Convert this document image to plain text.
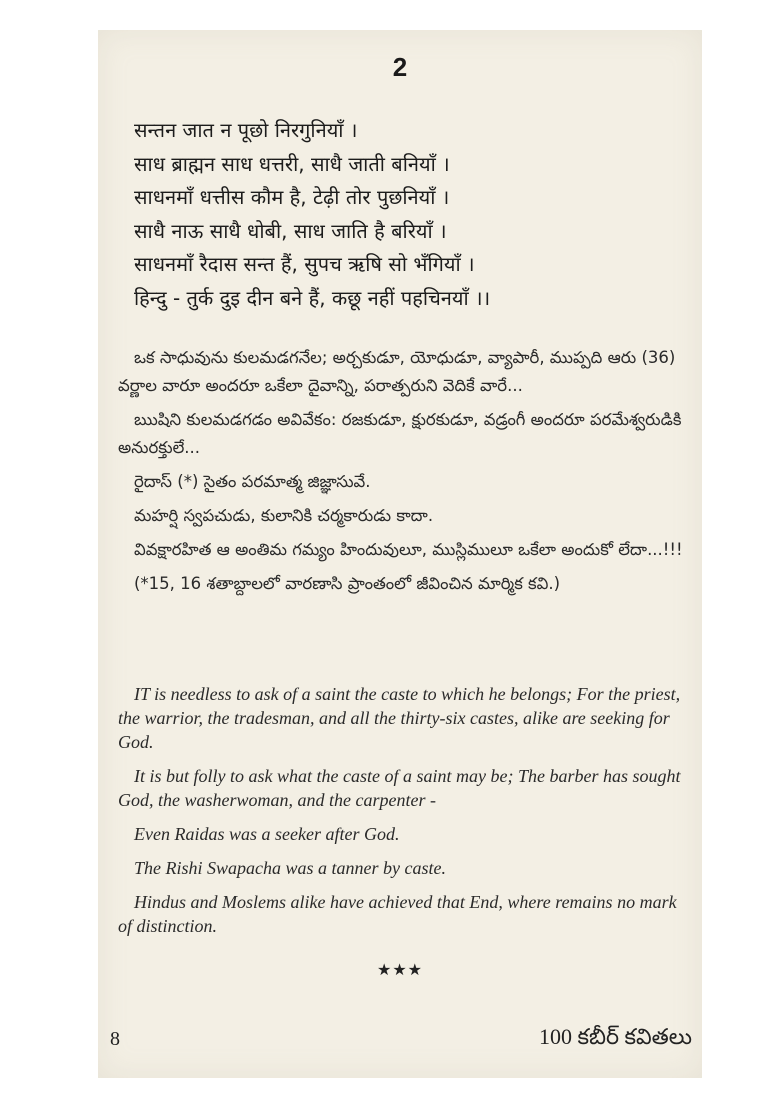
2
सन्तन जात न पूछो निरगुनियाँ ।
साध ब्राह्मन साध धत्तरी, साधै जाती बनियाँ ।
साधनमाँ धत्तीस कौम है, टेढ़ी तोर पुछनियाँ ।
साधै नाऊ साधै धोबी, साध जाति है बरियाँ ।
साधनमाँ रैदास सन्त हैं, सुपच ऋषि सो भँगियाँ ।
हिन्दु - तुर्क दुइ दीन बने हैं, कछू नहीं पहचिनयाँ ।।

ఒక సాధువును కులమడగనేల; అర్చకుడూ, యోధుడూ, వ్యాపారీ, ముప్పది ఆరు (36) వర్ణాల వారూ అందరూ ఒకేలా దైవాన్ని, పరాత్పరుని వెదికే వారే...

ఋషిని కులమడగడం అవివేకం: రజకుడూ, క్షురకుడూ, వడ్రంగీ అందరూ పరమేశ్వరుడికి అనురక్తులే...

రైదాస్ (*) సైతం పరమాత్మ జిజ్ఞాసువే.

మహర్షి స్వపచుడు, కులానికి చర్మకారుడు కాదా.

వివక్షారహిత ఆ అంతిమ గమ్యం హిందువులూ, ముస్లిములూ ఒకేలా అందుకో లేదా...!!!

(*15, 16 శతాబ్దాలలో వారణాసి ప్రాంతంలో జీవించిన మార్మిక కవి.)

IT is needless to ask of a saint the caste to which he belongs; For the priest, the warrior, the tradesman, and all the thirty-six castes, alike are seeking for God.

It is but folly to ask what the caste of a saint may be; The barber has sought God, the washerwoman, and the carpenter -

Even Raidas was a seeker after God.

The Rishi Swapacha was a tanner by caste.

Hindus and Moslems alike have achieved that End, where remains no mark of distinction.

★★★
8	100 కబీర్ కవితలు
